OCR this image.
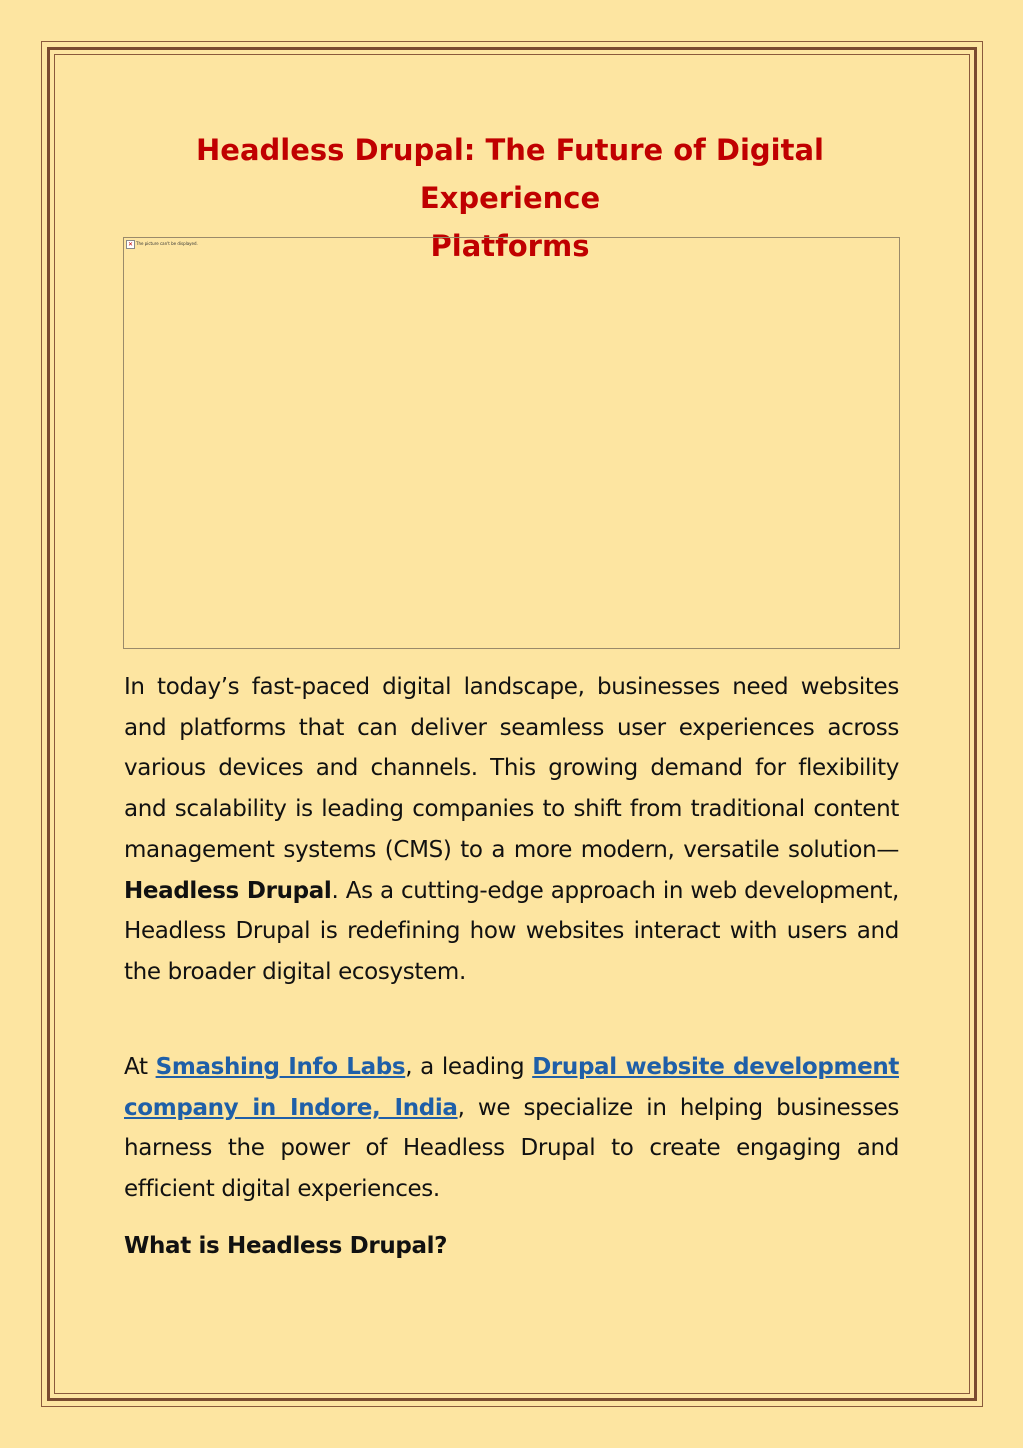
Headless Drupal: The Future of Digital Experience
Platforms
✕ The picture can't be displayed.

In today’s fast-paced digital landscape, businesses need websites and platforms that can deliver seamless user experiences across various devices and channels. This growing demand for flexibility and scalability is leading companies to shift from traditional content management systems (CMS) to a more modern, versatile solution—Headless Drupal. As a cutting-edge approach in web development, Headless Drupal is redefining how websites interact with users and the broader digital ecosystem.

At Smashing Info Labs, a leading Drupal website development company in Indore, India, we specialize in helping businesses harness the power of Headless Drupal to create engaging and efficient digital experiences.

What is Headless Drupal?
